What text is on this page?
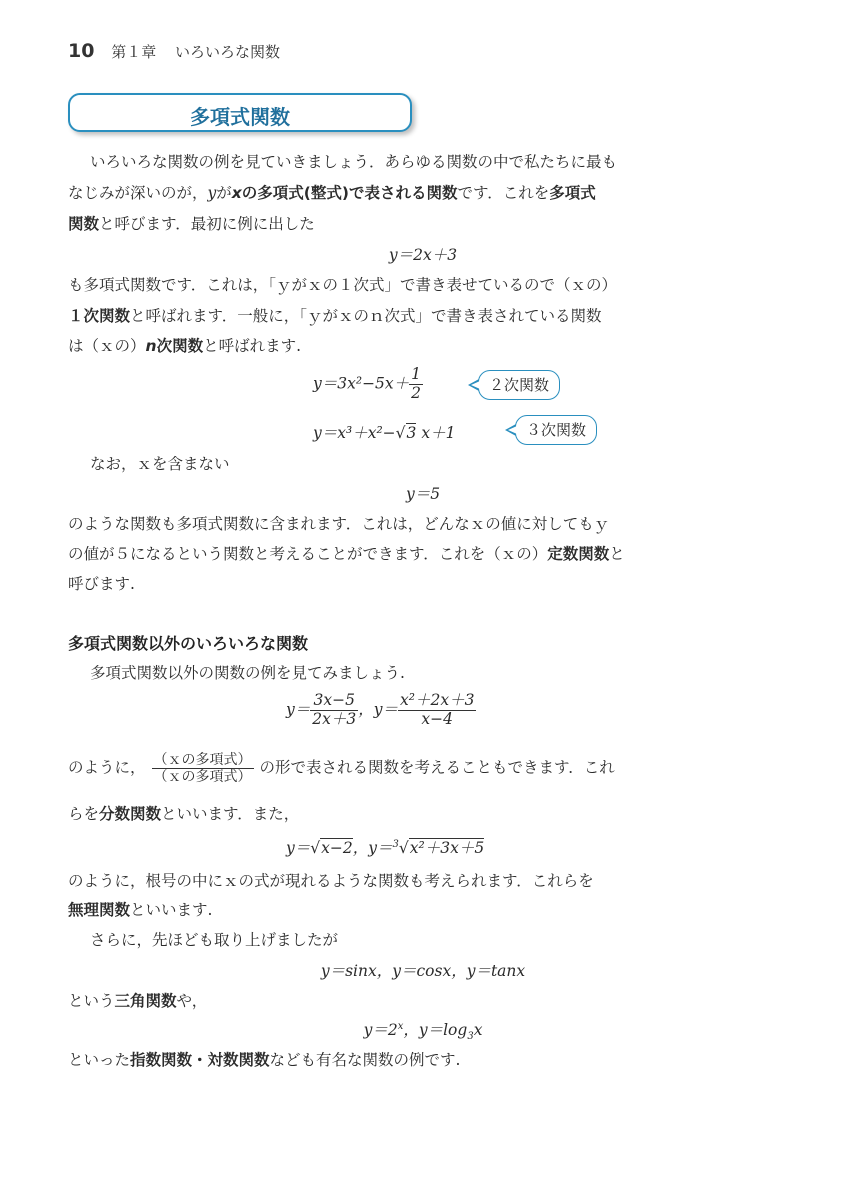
10 第１章 いろいろな関数
多項式関数
いろいろな関数の例を見ていきましょう．あらゆる関数の中で私たちに最も
なじみが深いのが，yがxの多項式(整式)で表される関数です．これを多項式
関数と呼びます．最初に例に出した
y＝2x＋3
も多項式関数です．これは，「ｙがｘの１次式」で書き表せているので（ｘの）
１次関数と呼ばれます．一般に，「ｙがｘのｎ次式」で書き表されている関数
は（ｘの）n次関数と呼ばれます.
$y=3x^2-5x+ \frac{1}{2}$	２次関数
y＝x³＋x²−√3 x＋1	３次関数
なお，ｘを含まない
y＝5
のような関数も多項式関数に含まれます．これは，どんなｘの値に対してもｙ
の値が５になるという関数と考えることができます．これを（ｘの）定数関数と
呼びます.
多項式関数以外のいろいろな関数
多項式関数以外の関数の例を見てみましょう.
$y= \frac{3x-5}{2x+3}$ ，$y= \frac{\text{x²＋2x＋3}}{x-4}$
のように， $\frac{\text{（ｘの多項式）}}{\text{（ｘの多項式）}}$ の形で表される関数を考えることもできます．これ
らを分数関数といいます．また，
y＝√x−2，y＝$^3$√x²＋3x＋5
のように，根号の中にｘの式が現れるような関数も考えられます．これらを
無理関数といいます.
さらに，先ほども取り上げましたが
y＝sinx，y＝cosx，y＝tanx
という三角関数や，
$y=2^x$，$y=\log_3x$
といった指数関数・対数関数なども有名な関数の例です.
